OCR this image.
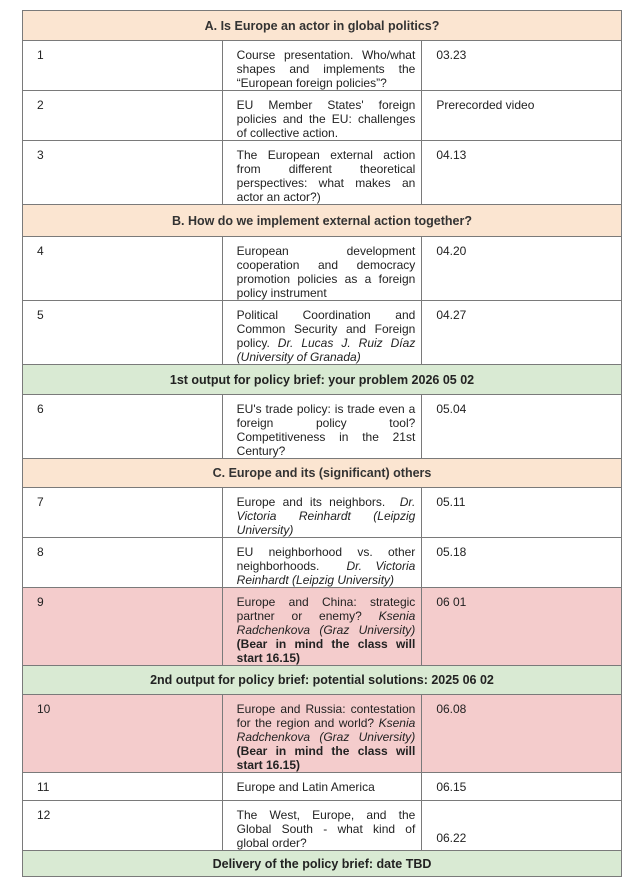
A. Is Europe an actor in global politics?		
1	Course presentation. Who/what shapes and implements the “European foreign policies”?	03.23
2	EU Member States' foreign policies and the EU: challenges of collective action.	Prerecorded video
3	The European external action from different theoretical perspectives: what makes an actor an actor?)	04.13
B. How do we implement external action together?		
4	European development cooperation and democracy promotion policies as a foreign policy instrument	04.20
5	Political Coordination and Common Security and Foreign policy. Dr. Lucas J. Ruiz Díaz (University of Granada)	04.27
1st output for policy brief: your problem 2026 05 02		
6	EU's trade policy: is trade even a foreign policy tool? Competitiveness in the 21st Century?	05.04
C. Europe and its (significant) others		
7	Europe and its neighbors. Dr. Victoria Reinhardt (Leipzig University)	05.11
8	EU neighborhood vs. other neighborhoods. Dr. Victoria Reinhardt (Leipzig University)	05.18
9	Europe and China: strategic partner or enemy? Ksenia Radchenkova (Graz University) (Bear in mind the class will start 16.15)	06 01
2nd output for policy brief: potential solutions: 2025 06 02		
10	Europe and Russia: contestation for the region and world? Ksenia Radchenkova (Graz University) (Bear in mind the class will start 16.15)	06.08
11	Europe and Latin America	06.15
12	The West, Europe, and the Global South - what kind of global order?	06.22

Delivery of the policy brief: date TBD		
